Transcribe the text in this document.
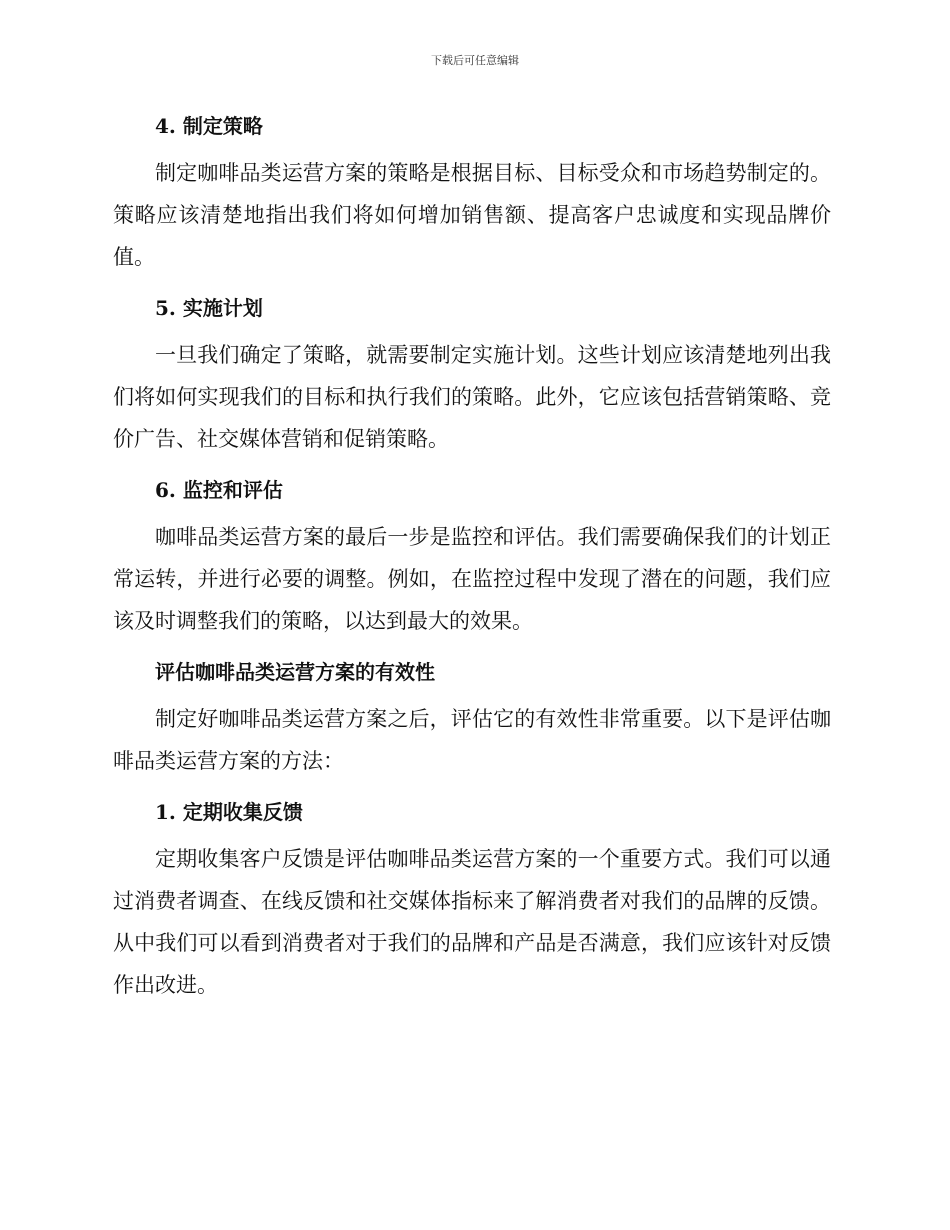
下载后可任意编辑
4. 制定策略

制定咖啡品类运营方案的策略是根据目标、目标受众和市场趋势制定的。策略应该清楚地指出我们将如何增加销售额、提高客户忠诚度和实现品牌价值。

5. 实施计划

一旦我们确定了策略，就需要制定实施计划。这些计划应该清楚地列出我们将如何实现我们的目标和执行我们的策略。此外，它应该包括营销策略、竞价广告、社交媒体营销和促销策略。

6. 监控和评估

咖啡品类运营方案的最后一步是监控和评估。我们需要确保我们的计划正常运转，并进行必要的调整。例如，在监控过程中发现了潜在的问题，我们应该及时调整我们的策略，以达到最大的效果。

评估咖啡品类运营方案的有效性

制定好咖啡品类运营方案之后，评估它的有效性非常重要。以下是评估咖啡品类运营方案的方法：

1. 定期收集反馈

定期收集客户反馈是评估咖啡品类运营方案的一个重要方式。我们可以通过消费者调查、在线反馈和社交媒体指标来了解消费者对我们的品牌的反馈。从中我们可以看到消费者对于我们的品牌和产品是否满意，我们应该针对反馈作出改进。
